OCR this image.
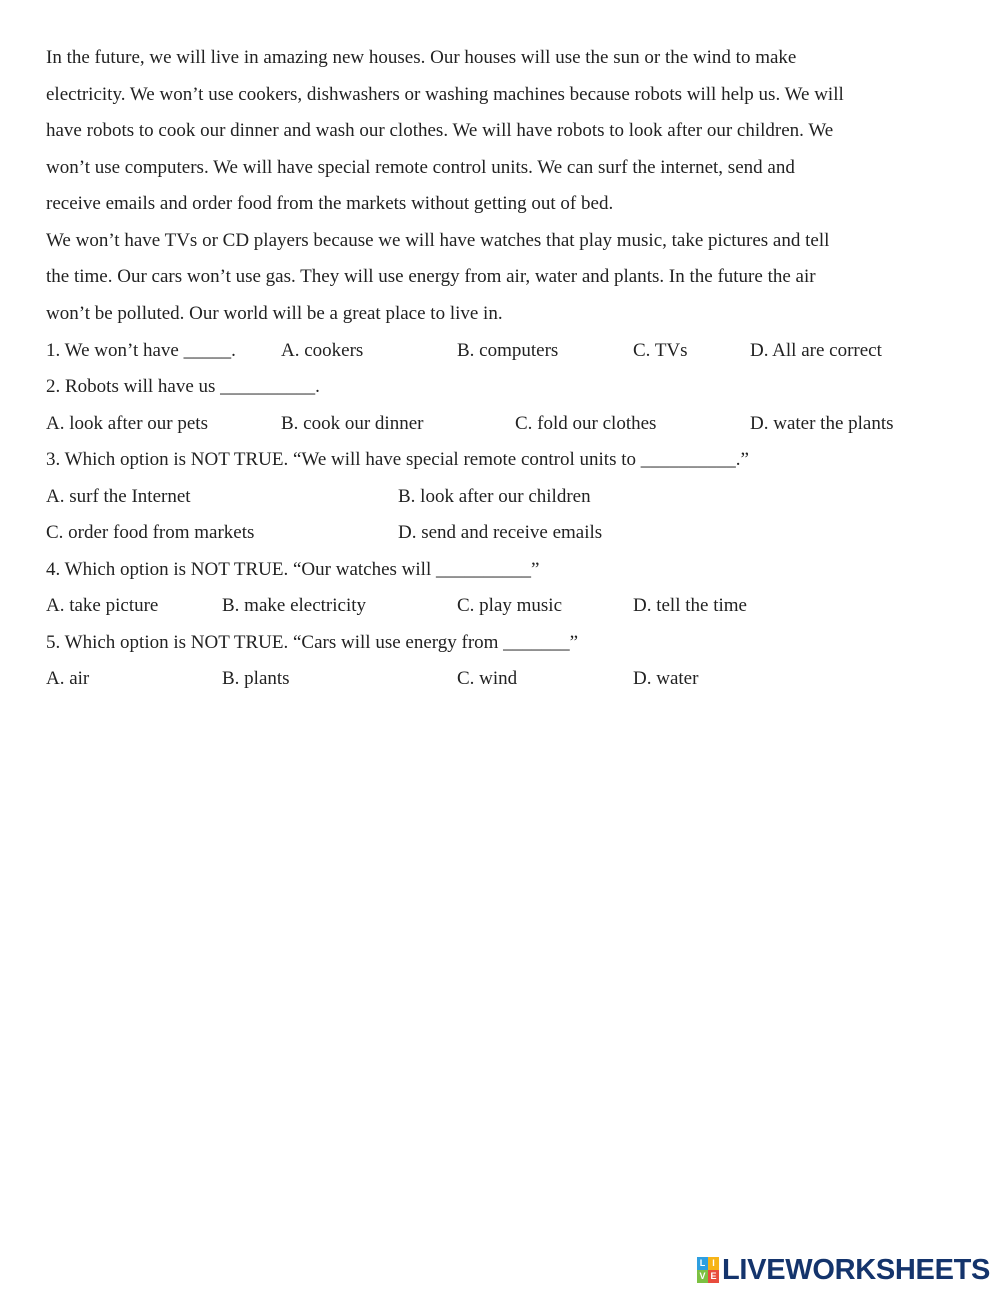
In the future, we will live in amazing new houses. Our houses will use the sun or the wind to make
electricity. We won’t use cookers, dishwashers or washing machines because robots will help us. We will
have robots to cook our dinner and wash our clothes. We will have robots to look after our children. We
won’t use computers. We will have special remote control units. We can surf the internet, send and
receive emails and order food from the markets without getting out of bed.
We won’t have TVs or CD players because we will have watches that play music, take pictures and tell
the time. Our cars won’t use gas. They will use energy from air, water and plants. In the future the air
won’t be polluted. Our world will be a great place to live in.
1. We won’t have _____. A. cookers	B. computers	C. TVs	D. All are correct
2. Robots will have us __________.
A. look after our pets	B. cook our dinner	C. fold our clothes	D. water the plants
3. Which option is NOT TRUE. “We will have special remote control units to __________.”
A. surf the Internet	B. look after our children
C. order food from markets	D. send and receive emails
4. Which option is NOT TRUE. “Our watches will __________”
A. take picture	B. make electricity	C. play music	D. tell the time
5. Which option is NOT TRUE. “Cars will use energy from _______”
A. air	B. plants	C. wind	D. water
L I
V E LIVEWORKSHEETS
